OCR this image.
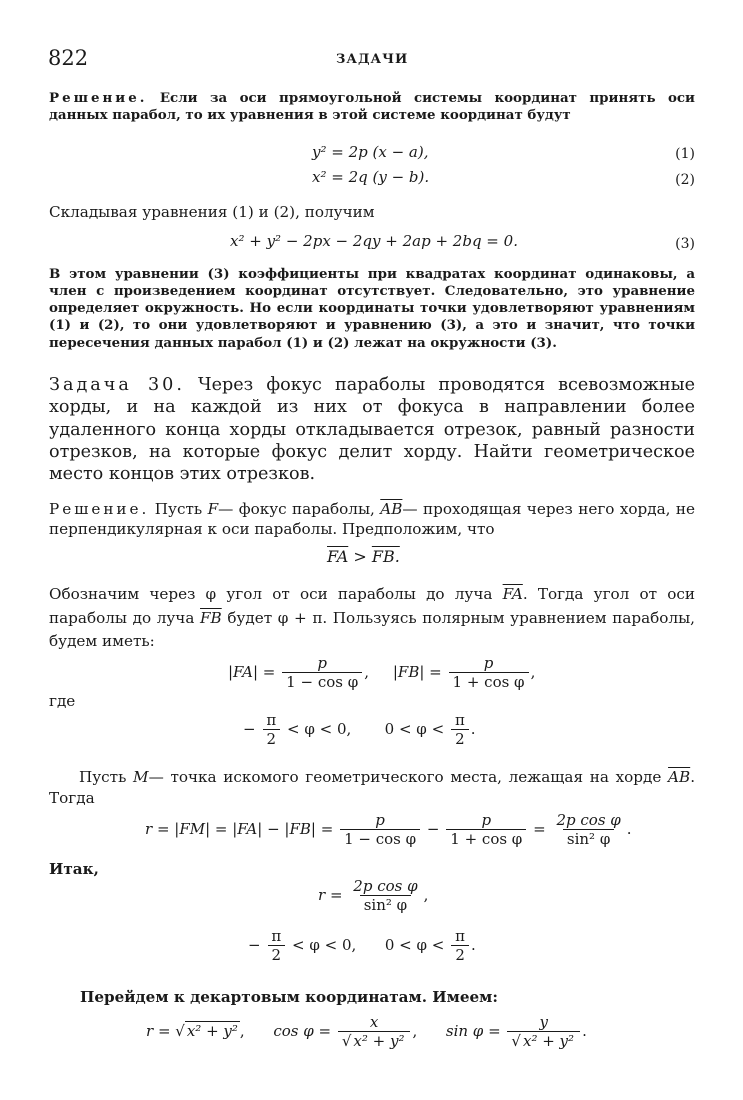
822	ЗАДАЧИ
Решение. Если за оси прямоугольной системы координат принять оси данных парабол, то их уравнения в этой системе координат будут
y² = 2p (x − a),	(1)
x² = 2q (y − b).	(2)
Складывая уравнения (1) и (2), получим
x² + y² − 2px − 2qy + 2ap + 2bq = 0.	(3)
В этом уравнении (3) коэффициенты при квадратах координат одинаковы, а член с произведением координат отсутствует. Следовательно, это уравнение определяет окружность. Но если координаты точки удовлетворяют уравнениям (1) и (2), то они удовлетворяют и уравнению (3), а это и значит, что точки пересечения данных парабол (1) и (2) лежат на окружности (3).
Задача 30. Через фокус параболы проводятся всевозможные хорды, и на каждой из них от фокуса в направлении более удаленного конца хорды откладывается отрезок, равный разности отрезков, на которые фокус делит хорду. Найти геометрическое место концов этих отрезков.
Решение. Пусть F— фокус параболы, $\overline{AB}—$ проходящая через него хорда, не перпендикулярная к оси параболы. Предположим, что
$\overline{FA}$ > FB.
Обозначим через φ угол от оси параболы до луча $\overline{FA}$. Тогда угол от оси параболы до луча $\overline{FB}$ будет φ + π. Пользуясь полярным уравнением параболы, будем иметь:
$|FA| = \frac{p}{\text{1 − cos φ}}$ , $|FB| = \frac{p}{\text{1 + cos φ}}$ ,
где
− $\frac{\pi}{2} < \varphi < 0$, $0 < \varphi < \frac{\pi}{2}$ .
Пусть M— точка искомого геометрического места, лежащая на хорде $\overline{AB}$. Тогда
$r = |FM| = |FA| - |FB| = \frac{p}{\text{1 − cos φ}} - \frac{p}{\text{1 + cos φ}} = \frac{\text{2p cos φ}}{\text{sin² φ}}$ .
Итак,
$r = \frac{\text{2p cos φ}}{\text{sin² φ}}$ ,
− $\frac{\pi}{2} < \varphi < 0$, $0 < \varphi < \frac{\pi}{2}$ .
Перейдем к декартовым координатам. Имеем:
r = √ x² + y² , $\cos \varphi = \frac{x}{\text{√ x² + y²}}$ , $\sin \varphi = \frac{y}{\text{√ x² + y²}}$ .
